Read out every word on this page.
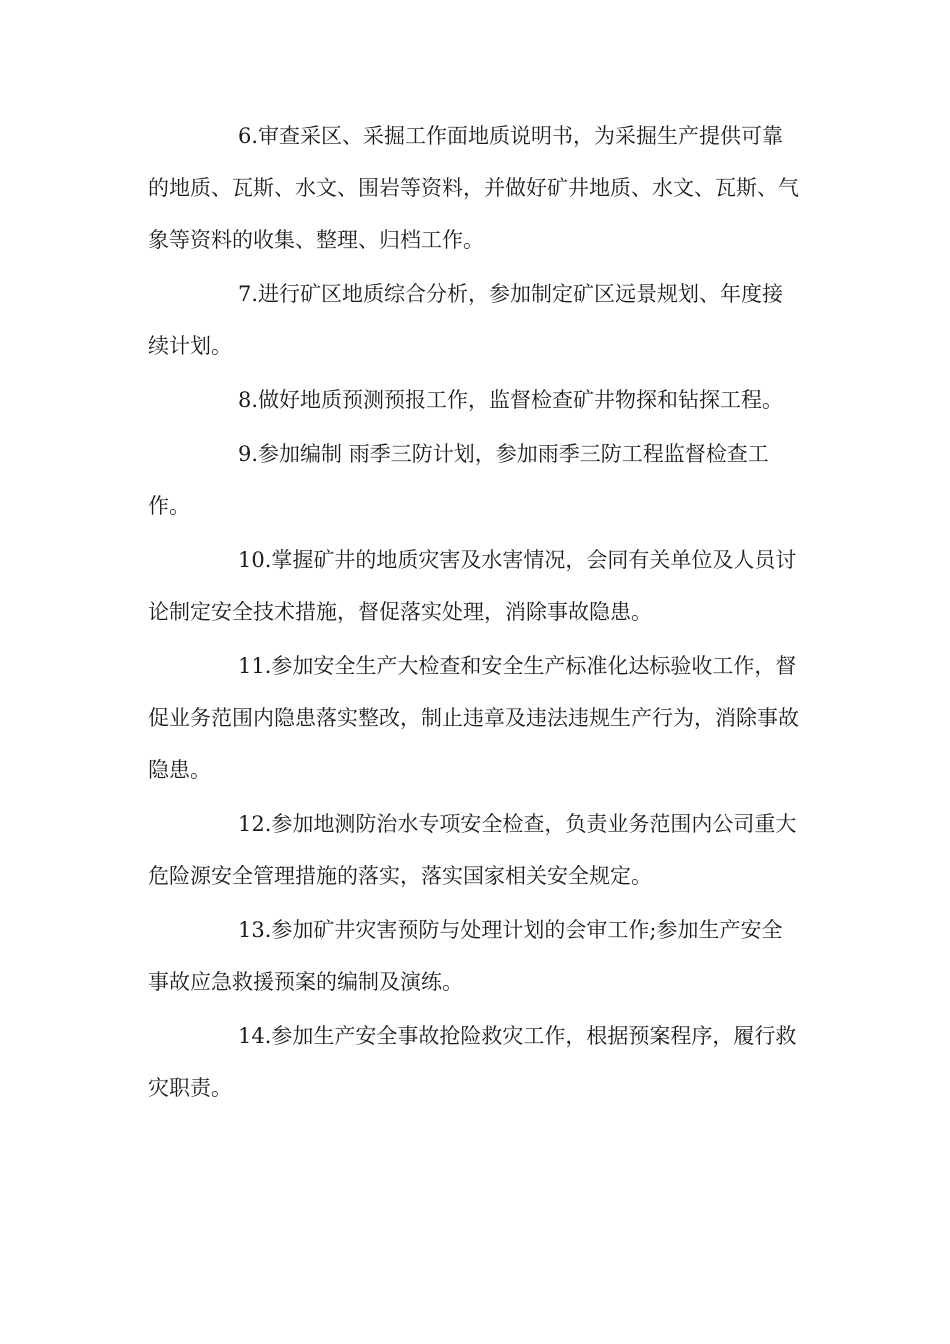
6.审查采区、采掘工作面地质说明书，为采掘生产提供可靠的地质、瓦斯、水文、围岩等资料，并做好矿井地质、水文、瓦斯、气象等资料的收集、整理、归档工作。

7.进行矿区地质综合分析，参加制定矿区远景规划、年度接续计划。

8.做好地质预测预报工作，监督检查矿井物探和钻探工程。

9.参加编制 雨季三防计划，参加雨季三防工程监督检查工作。

10.掌握矿井的地质灾害及水害情况，会同有关单位及人员讨论制定安全技术措施，督促落实处理，消除事故隐患。

11.参加安全生产大检查和安全生产标准化达标验收工作，督促业务范围内隐患落实整改，制止违章及违法违规生产行为，消除事故隐患。

12.参加地测防治水专项安全检查，负责业务范围内公司重大危险源安全管理措施的落实，落实国家相关安全规定。

13.参加矿井灾害预防与处理计划的会审工作;参加生产安全事故应急救援预案的编制及演练。

14.参加生产安全事故抢险救灾工作，根据预案程序，履行救灾职责。
